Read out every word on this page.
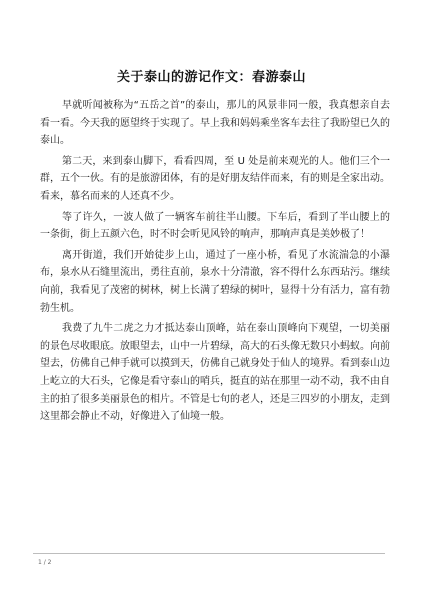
关于泰山的游记作文：春游泰山

早就听闻被称为“五岳之首”的泰山，那儿的风景非同一般，我真想亲自去看一看。今天我的愿望终于实现了。早上我和妈妈乘坐客车去往了我盼望已久的泰山。

第二天，来到泰山脚下，看看四周，至 U 处是前来观光的人。他们三个一群，五个一伙。有的是旅游团体，有的是好朋友结伴而来，有的则是全家出动。看来，慕名而来的人还真不少。

等了许久，一波人做了一辆客车前往半山腰。下车后，看到了半山腰上的一条街，街上五颜六色，时不时会听见风铃的响声，那响声真是美妙极了！

离开街道，我们开始徒步上山，通过了一座小桥，看见了水流湍急的小瀑布，泉水从石缝里流出，勇往直前，泉水十分清澈，容不得什么东西玷污。继续向前，我看见了茂密的树林，树上长满了碧绿的树叶，显得十分有活力，富有勃勃生机。

我费了九牛二虎之力才抵达泰山顶峰，站在泰山顶峰向下观望，一切美丽的景色尽收眼底。放眼望去，山中一片碧绿，高大的石头像无数只小蚂蚁。向前望去，仿佛自己伸手就可以摸到天，仿佛自己就身处于仙人的境界。看到泰山边上屹立的大石头，它像是看守泰山的哨兵，挺直的站在那里一动不动，我不由自主的拍了很多美丽景色的相片。不管是七旬的老人，还是三四岁的小朋友，走到这里都会静止不动，好像进入了仙境一般。

1 / 2
